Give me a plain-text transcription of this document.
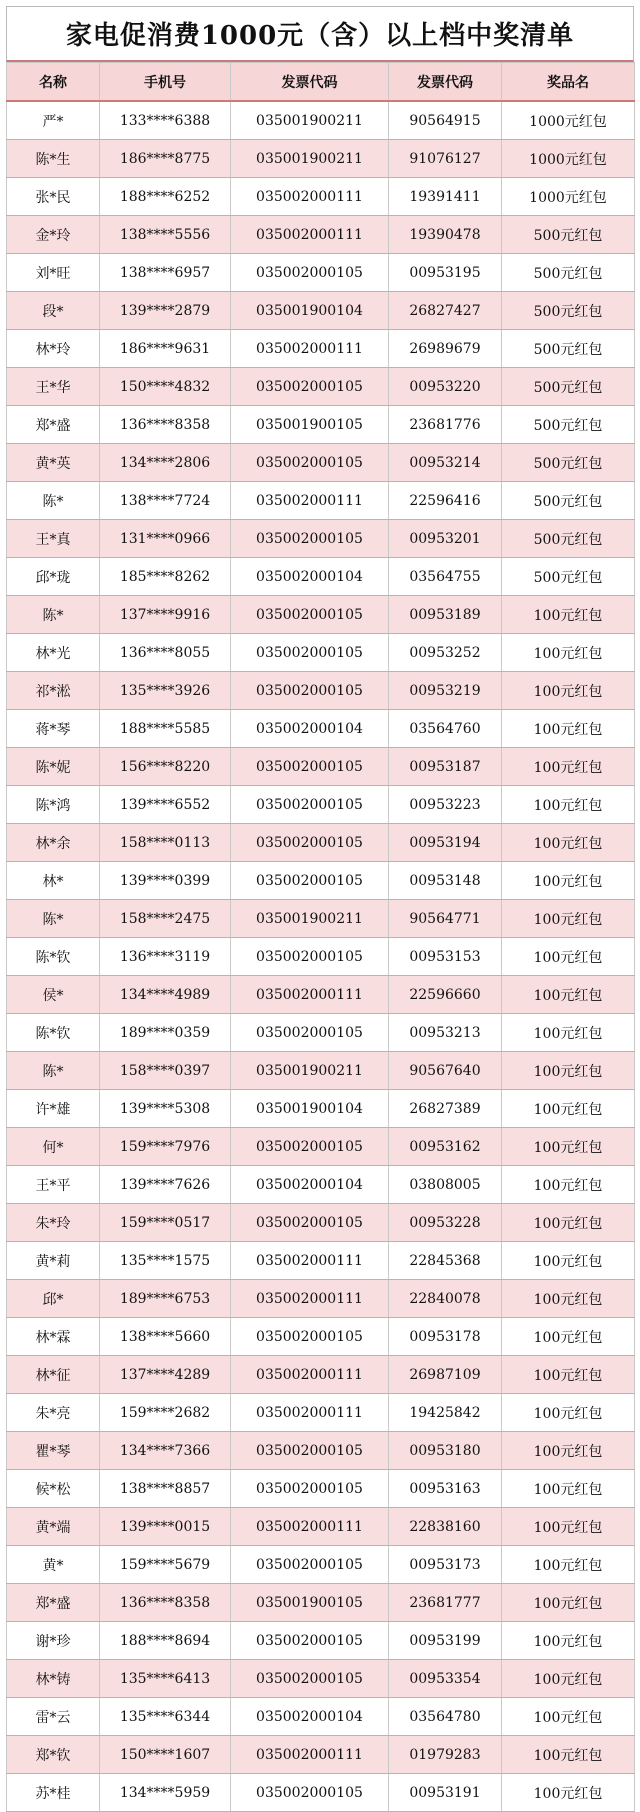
家电促消费1000元（含）以上档中奖清单
名称	手机号	发票代码	发票代码	奖品名
严*	133****6388	035001900211	90564915	1000元红包
陈*生	186****8775	035001900211	91076127	1000元红包
张*民	188****6252	035002000111	19391411	1000元红包
金*玲	138****5556	035002000111	19390478	500元红包
刘*旺	138****6957	035002000105	00953195	500元红包
段*	139****2879	035001900104	26827427	500元红包
林*玲	186****9631	035002000111	26989679	500元红包
王*华	150****4832	035002000105	00953220	500元红包
郑*盛	136****8358	035001900105	23681776	500元红包
黄*英	134****2806	035002000105	00953214	500元红包
陈*	138****7724	035002000111	22596416	500元红包
王*真	131****0966	035002000105	00953201	500元红包
邱*珑	185****8262	035002000104	03564755	500元红包
陈*	137****9916	035002000105	00953189	100元红包
林*光	136****8055	035002000105	00953252	100元红包
祁*淞	135****3926	035002000105	00953219	100元红包
蒋*琴	188****5585	035002000104	03564760	100元红包
陈*妮	156****8220	035002000105	00953187	100元红包
陈*鸿	139****6552	035002000105	00953223	100元红包
林*余	158****0113	035002000105	00953194	100元红包
林*	139****0399	035002000105	00953148	100元红包
陈*	158****2475	035001900211	90564771	100元红包
陈*钦	136****3119	035002000105	00953153	100元红包
侯*	134****4989	035002000111	22596660	100元红包
陈*钦	189****0359	035002000105	00953213	100元红包
陈*	158****0397	035001900211	90567640	100元红包
许*雄	139****5308	035001900104	26827389	100元红包
何*	159****7976	035002000105	00953162	100元红包
王*平	139****7626	035002000104	03808005	100元红包
朱*玲	159****0517	035002000105	00953228	100元红包
黄*莉	135****1575	035002000111	22845368	100元红包
邱*	189****6753	035002000111	22840078	100元红包
林*霖	138****5660	035002000105	00953178	100元红包
林*征	137****4289	035002000111	26987109	100元红包
朱*亮	159****2682	035002000111	19425842	100元红包
瞿*琴	134****7366	035002000105	00953180	100元红包
候*松	138****8857	035002000105	00953163	100元红包
黄*端	139****0015	035002000111	22838160	100元红包
黄*	159****5679	035002000105	00953173	100元红包
郑*盛	136****8358	035001900105	23681777	100元红包
谢*珍	188****8694	035002000105	00953199	100元红包
林*铸	135****6413	035002000105	00953354	100元红包
雷*云	135****6344	035002000104	03564780	100元红包
郑*钦	150****1607	035002000111	01979283	100元红包
苏*桂	134****5959	035002000105	00953191	100元红包
